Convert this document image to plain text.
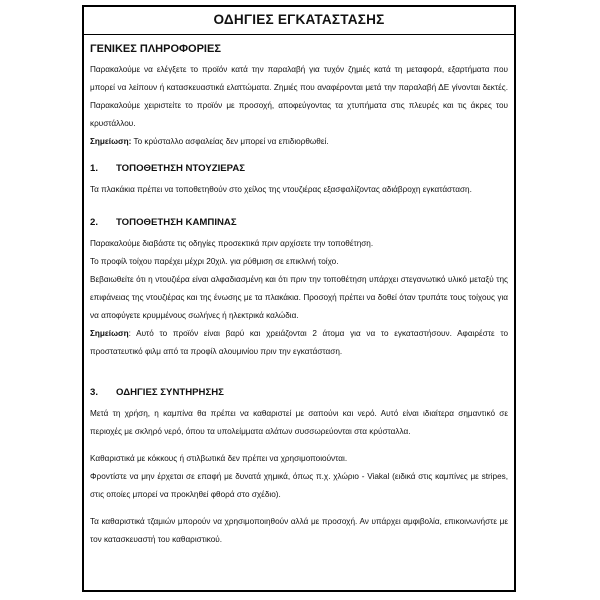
ΟΔΗΓΙΕΣ ΕΓΚΑΤΑΣΤΑΣΗΣ
ΓΕΝΙΚΕΣ ΠΛΗΡΟΦΟΡΙΕΣ

Παρακαλούμε να ελέγξετε το προϊόν κατά την παραλαβή για τυχόν ζημιές κατά τη μεταφορά, εξαρτήματα που μπορεί να λείπουν ή κατασκευαστικά ελαττώματα. Ζημιές που αναφέρονται μετά την παραλαβή ΔΕ γίνονται δεκτές. Παρακαλούμε χειριστείτε το προϊόν με προσοχή, αποφεύγοντας τα χτυπήματα στις πλευρές και τις άκρες του κρυστάλλου.

Σημείωση: Το κρύσταλλο ασφαλείας δεν μπορεί να επιδιορθωθεί.

1.	ΤΟΠΟΘΕΤΗΣΗ ΝΤΟΥΖΙΕΡΑΣ

Τα πλακάκια πρέπει να τοποθετηθούν στο χείλος της ντουζιέρας εξασφαλίζοντας αδιάβροχη εγκατάσταση.

2.	ΤΟΠΟΘΕΤΗΣΗ ΚΑΜΠΙΝΑΣ

Παρακαλούμε διαβάστε τις οδηγίες προσεκτικά πριν αρχίσετε την τοποθέτηση.

Το προφίλ τοίχου παρέχει μέχρι 20χιλ. για ρύθμιση σε επικλινή τοίχο.

Βεβαιωθείτε ότι η ντουζιέρα είναι αλφαδιασμένη και ότι πριν την τοποθέτηση υπάρχει στεγανωτικό υλικό μεταξύ της επιφάνειας της ντουζιέρας και της ένωσης με τα πλακάκια. Προσοχή πρέπει να δοθεί όταν τρυπάτε τους τοίχους για να αποφύγετε κρυμμένους σωλήνες ή ηλεκτρικά καλώδια.

Σημείωση: Αυτό το προϊόν είναι βαρύ και χρειάζονται 2 άτομα για να το εγκαταστήσουν. Αφαιρέστε το προστατευτικό φιλμ από τα προφίλ αλουμινίου πριν την εγκατάσταση.

3.	ΟΔΗΓΙΕΣ ΣΥΝΤΗΡΗΣΗΣ

Μετά τη χρήση, η καμπίνα θα πρέπει να καθαριστεί με σαπούνι και νερό. Αυτό είναι ιδιαίτερα σημαντικό σε περιοχές με σκληρό νερό, όπου τα υπολείμματα αλάτων συσσωρεύονται στα κρύσταλλα.

Καθαριστικά με κόκκους ή στιλβωτικά δεν πρέπει να χρησιμοποιούνται.

Φροντίστε να μην έρχεται σε επαφή με δυνατά χημικά, όπως π.χ. χλώριο - Viakal (ειδικά στις καμπίνες με stripes, στις οποίες μπορεί να προκληθεί φθορά στο σχέδιο).

Τα καθαριστικά τζαμιών μπορούν να χρησιμοποιηθούν αλλά με προσοχή. Αν υπάρχει αμφιβολία, επικοινωνήστε με τον κατασκευαστή του καθαριστικού.
